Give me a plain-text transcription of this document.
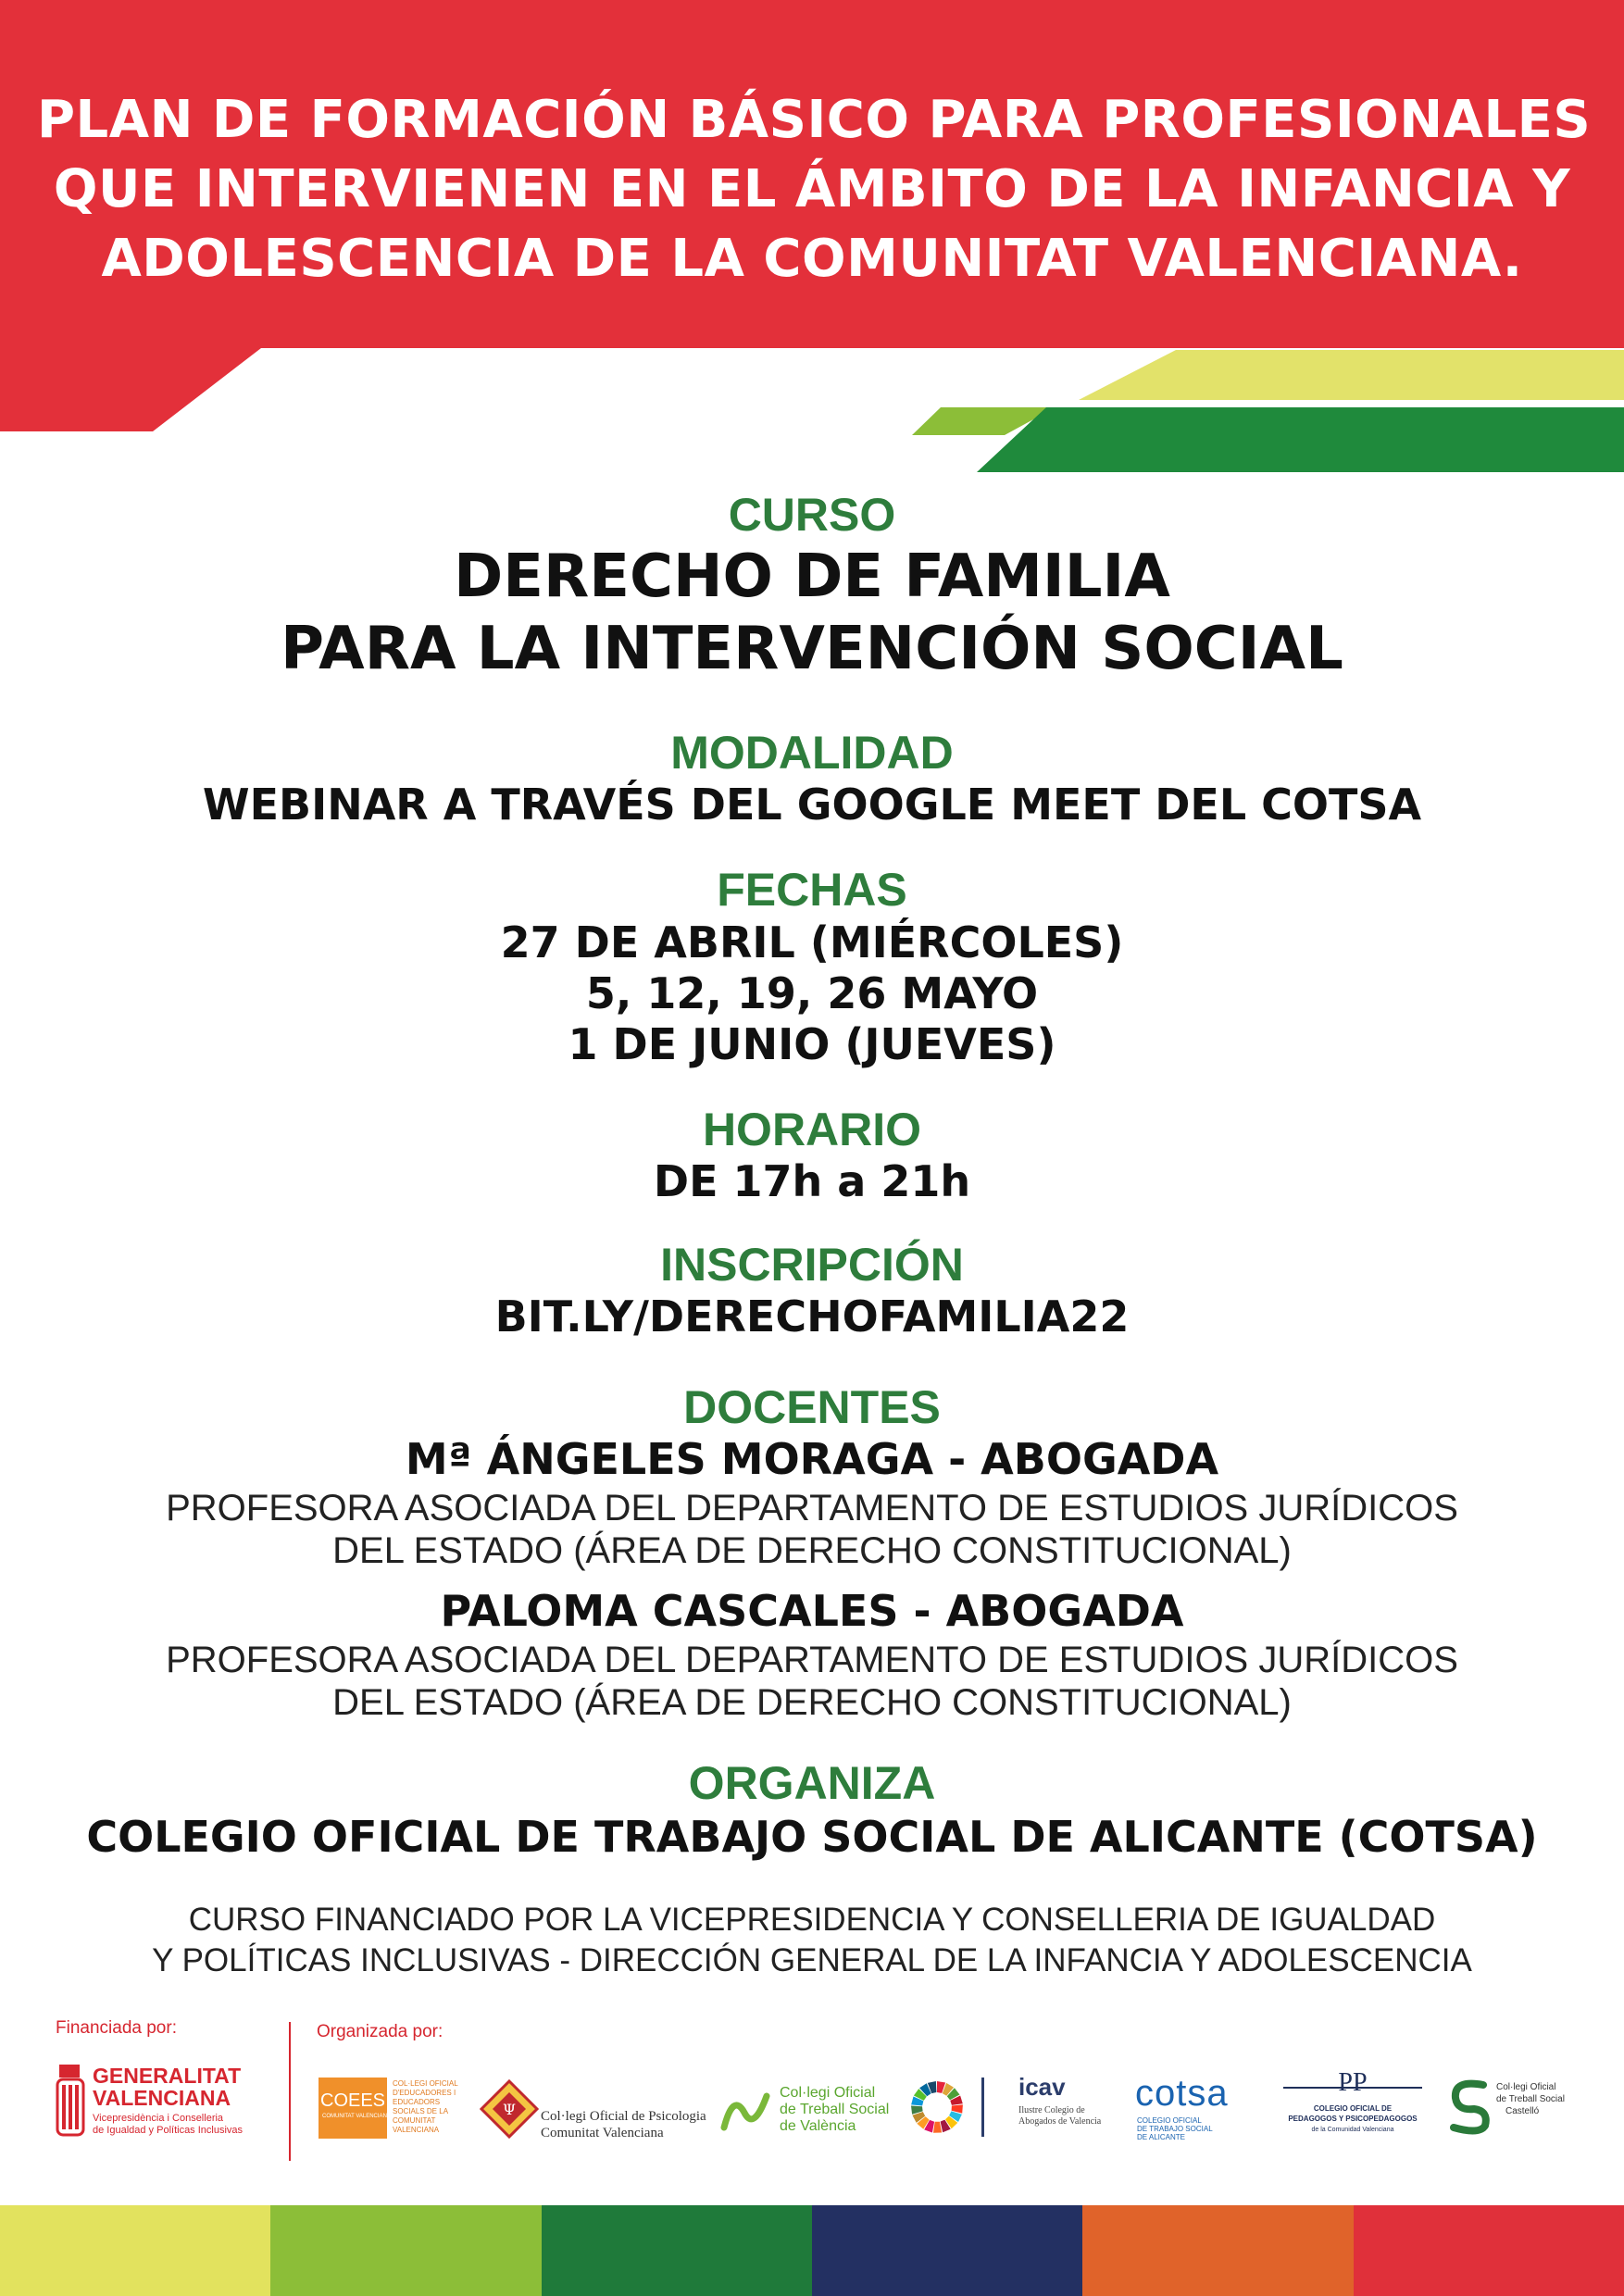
PLAN DE FORMACIÓN BÁSICO PARA PROFESIONALES
QUE INTERVIENEN EN EL ÁMBITO DE LA INFANCIA Y
ADOLESCENCIA DE LA COMUNITAT VALENCIANA.
CURSO
DERECHO DE FAMILIA
PARA LA INTERVENCIÓN SOCIAL
MODALIDAD
WEBINAR A TRAVÉS DEL GOOGLE MEET DEL COTSA
FECHAS
27 DE ABRIL (MIÉRCOLES)
5, 12, 19, 26 MAYO
1 DE JUNIO (JUEVES)
HORARIO
DE 17h a 21h
INSCRIPCIÓN
BIT.LY/DERECHOFAMILIA22
DOCENTES
Mª ÁNGELES MORAGA - ABOGADA
PROFESORA ASOCIADA DEL DEPARTAMENTO DE ESTUDIOS JURÍDICOS
DEL ESTADO (ÁREA DE DERECHO CONSTITUCIONAL)
PALOMA CASCALES - ABOGADA
PROFESORA ASOCIADA DEL DEPARTAMENTO DE ESTUDIOS JURÍDICOS
DEL ESTADO (ÁREA DE DERECHO CONSTITUCIONAL)
ORGANIZA
COLEGIO OFICIAL DE TRABAJO SOCIAL DE ALICANTE (COTSA)
CURSO FINANCIADO POR LA VICEPRESIDENCIA Y CONSELLERIA DE IGUALDAD
Y POLÍTICAS INCLUSIVAS - DIRECCIÓN GENERAL DE LA INFANCIA Y ADOLESCENCIA
Financiada por:	Organizada por:
GENERALITAT
VALENCIANA
Vicepresidència i Conselleria
de Igualdad y Políticas Inclusivas
COEES
COMUNITAT VALENCIANA
COL·LEGI OFICIAL
D'EDUCADORES I
EDUCADORS
SOCIALS DE LA
COMUNITAT
VALENCIANA
Ψ Col·legi Oficial de Psicologia
Comunitat Valenciana
Col·legi Oficial
de Treball Social
de València
icav
Ilustre Colegio de
Abogados de Valencia
cotsa
COLEGIO OFICIAL
DE TRABAJO SOCIAL
DE ALICANTE
PP
COLEGIO OFICIAL DE
PEDAGOGOS Y PSICOPEDAGOGOS
de la Comunidad Valenciana
Col·legi Oficial
de Treball Social
Castelló
